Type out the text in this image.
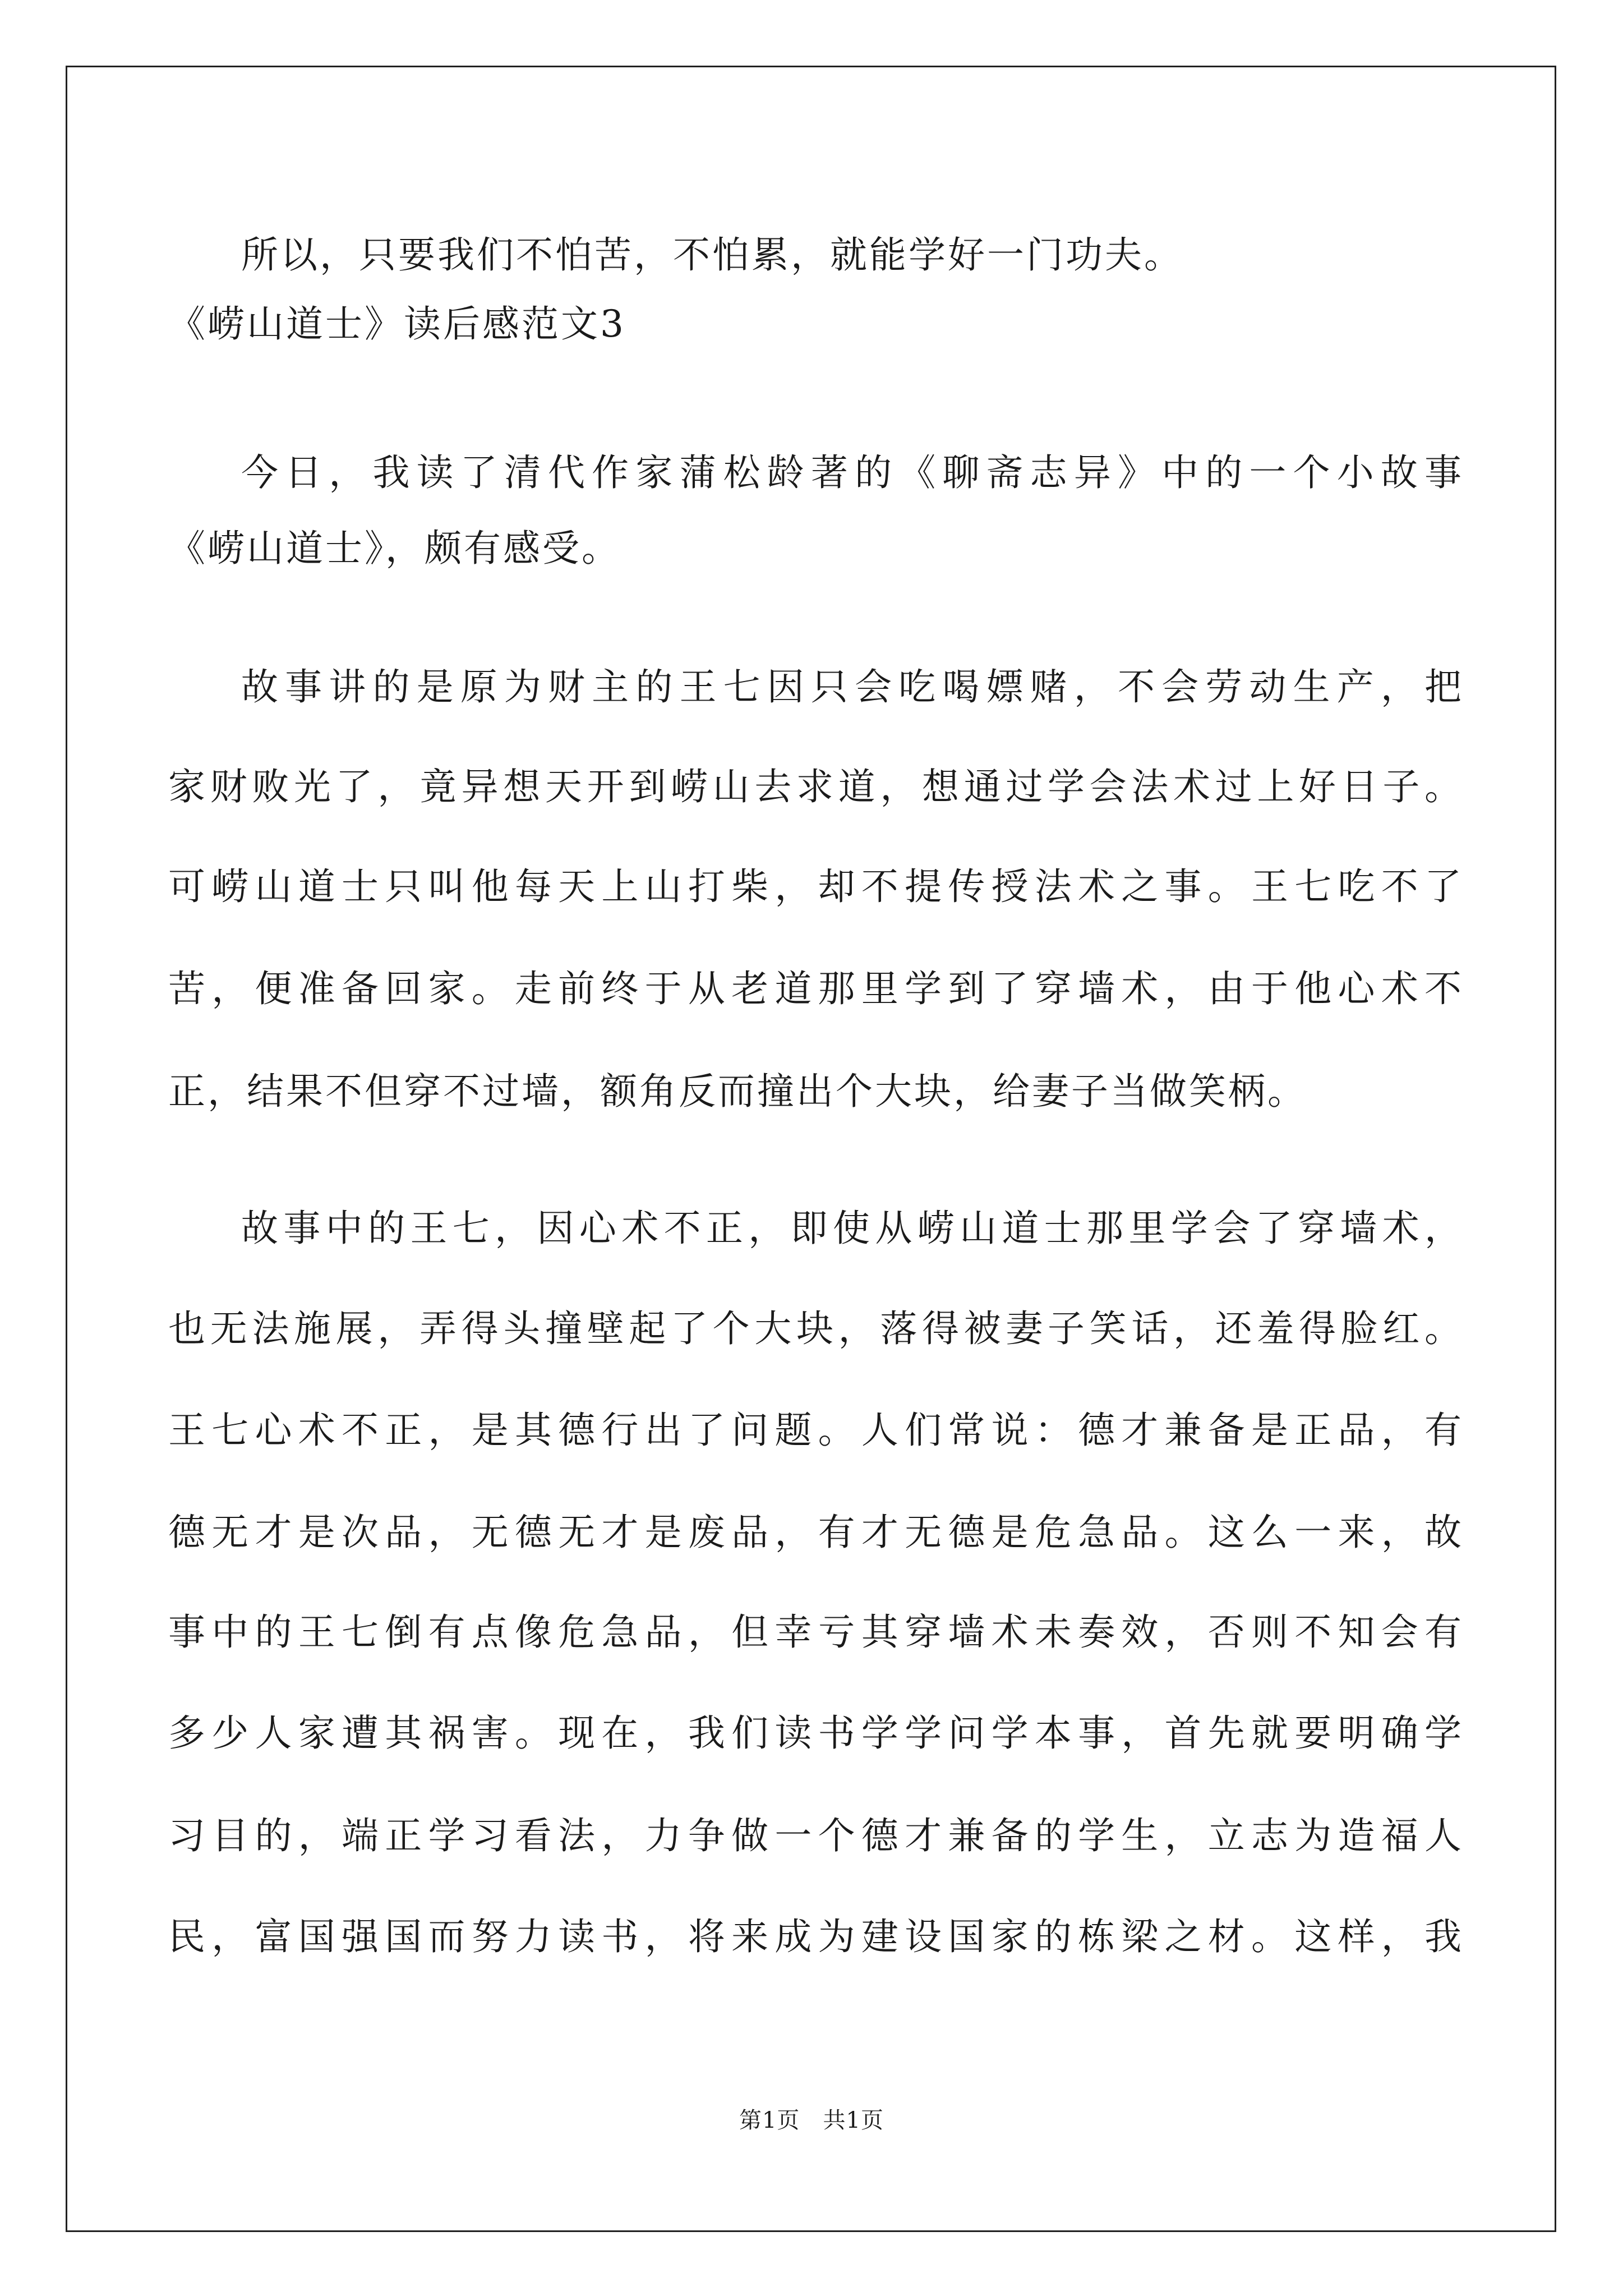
所以，只要我们不怕苦，不怕累，就能学好一门功夫。
《崂山道士》读后感范文3
今日，我读了清代作家蒲松龄著的《聊斋志异》中的一个小故事
《崂山道士》，颇有感受。
故事讲的是原为财主的王七因只会吃喝嫖赌，不会劳动生产，把
家财败光了，竟异想天开到崂山去求道，想通过学会法术过上好日子。
可崂山道士只叫他每天上山打柴，却不提传授法术之事。王七吃不了
苦，便准备回家。走前终于从老道那里学到了穿墙术，由于他心术不
正，结果不但穿不过墙，额角反而撞出个大块，给妻子当做笑柄。
故事中的王七，因心术不正，即使从崂山道士那里学会了穿墙术，
也无法施展，弄得头撞壁起了个大块，落得被妻子笑话，还羞得脸红。
王七心术不正，是其德行出了问题。人们常说：德才兼备是正品，有
德无才是次品，无德无才是废品，有才无德是危急品。这么一来，故
事中的王七倒有点像危急品，但幸亏其穿墙术未奏效，否则不知会有
多少人家遭其祸害。现在，我们读书学学问学本事，首先就要明确学
习目的，端正学习看法，力争做一个德才兼备的学生，立志为造福人
民，富国强国而努力读书，将来成为建设国家的栋梁之材。这样，我
第1页   共1页
